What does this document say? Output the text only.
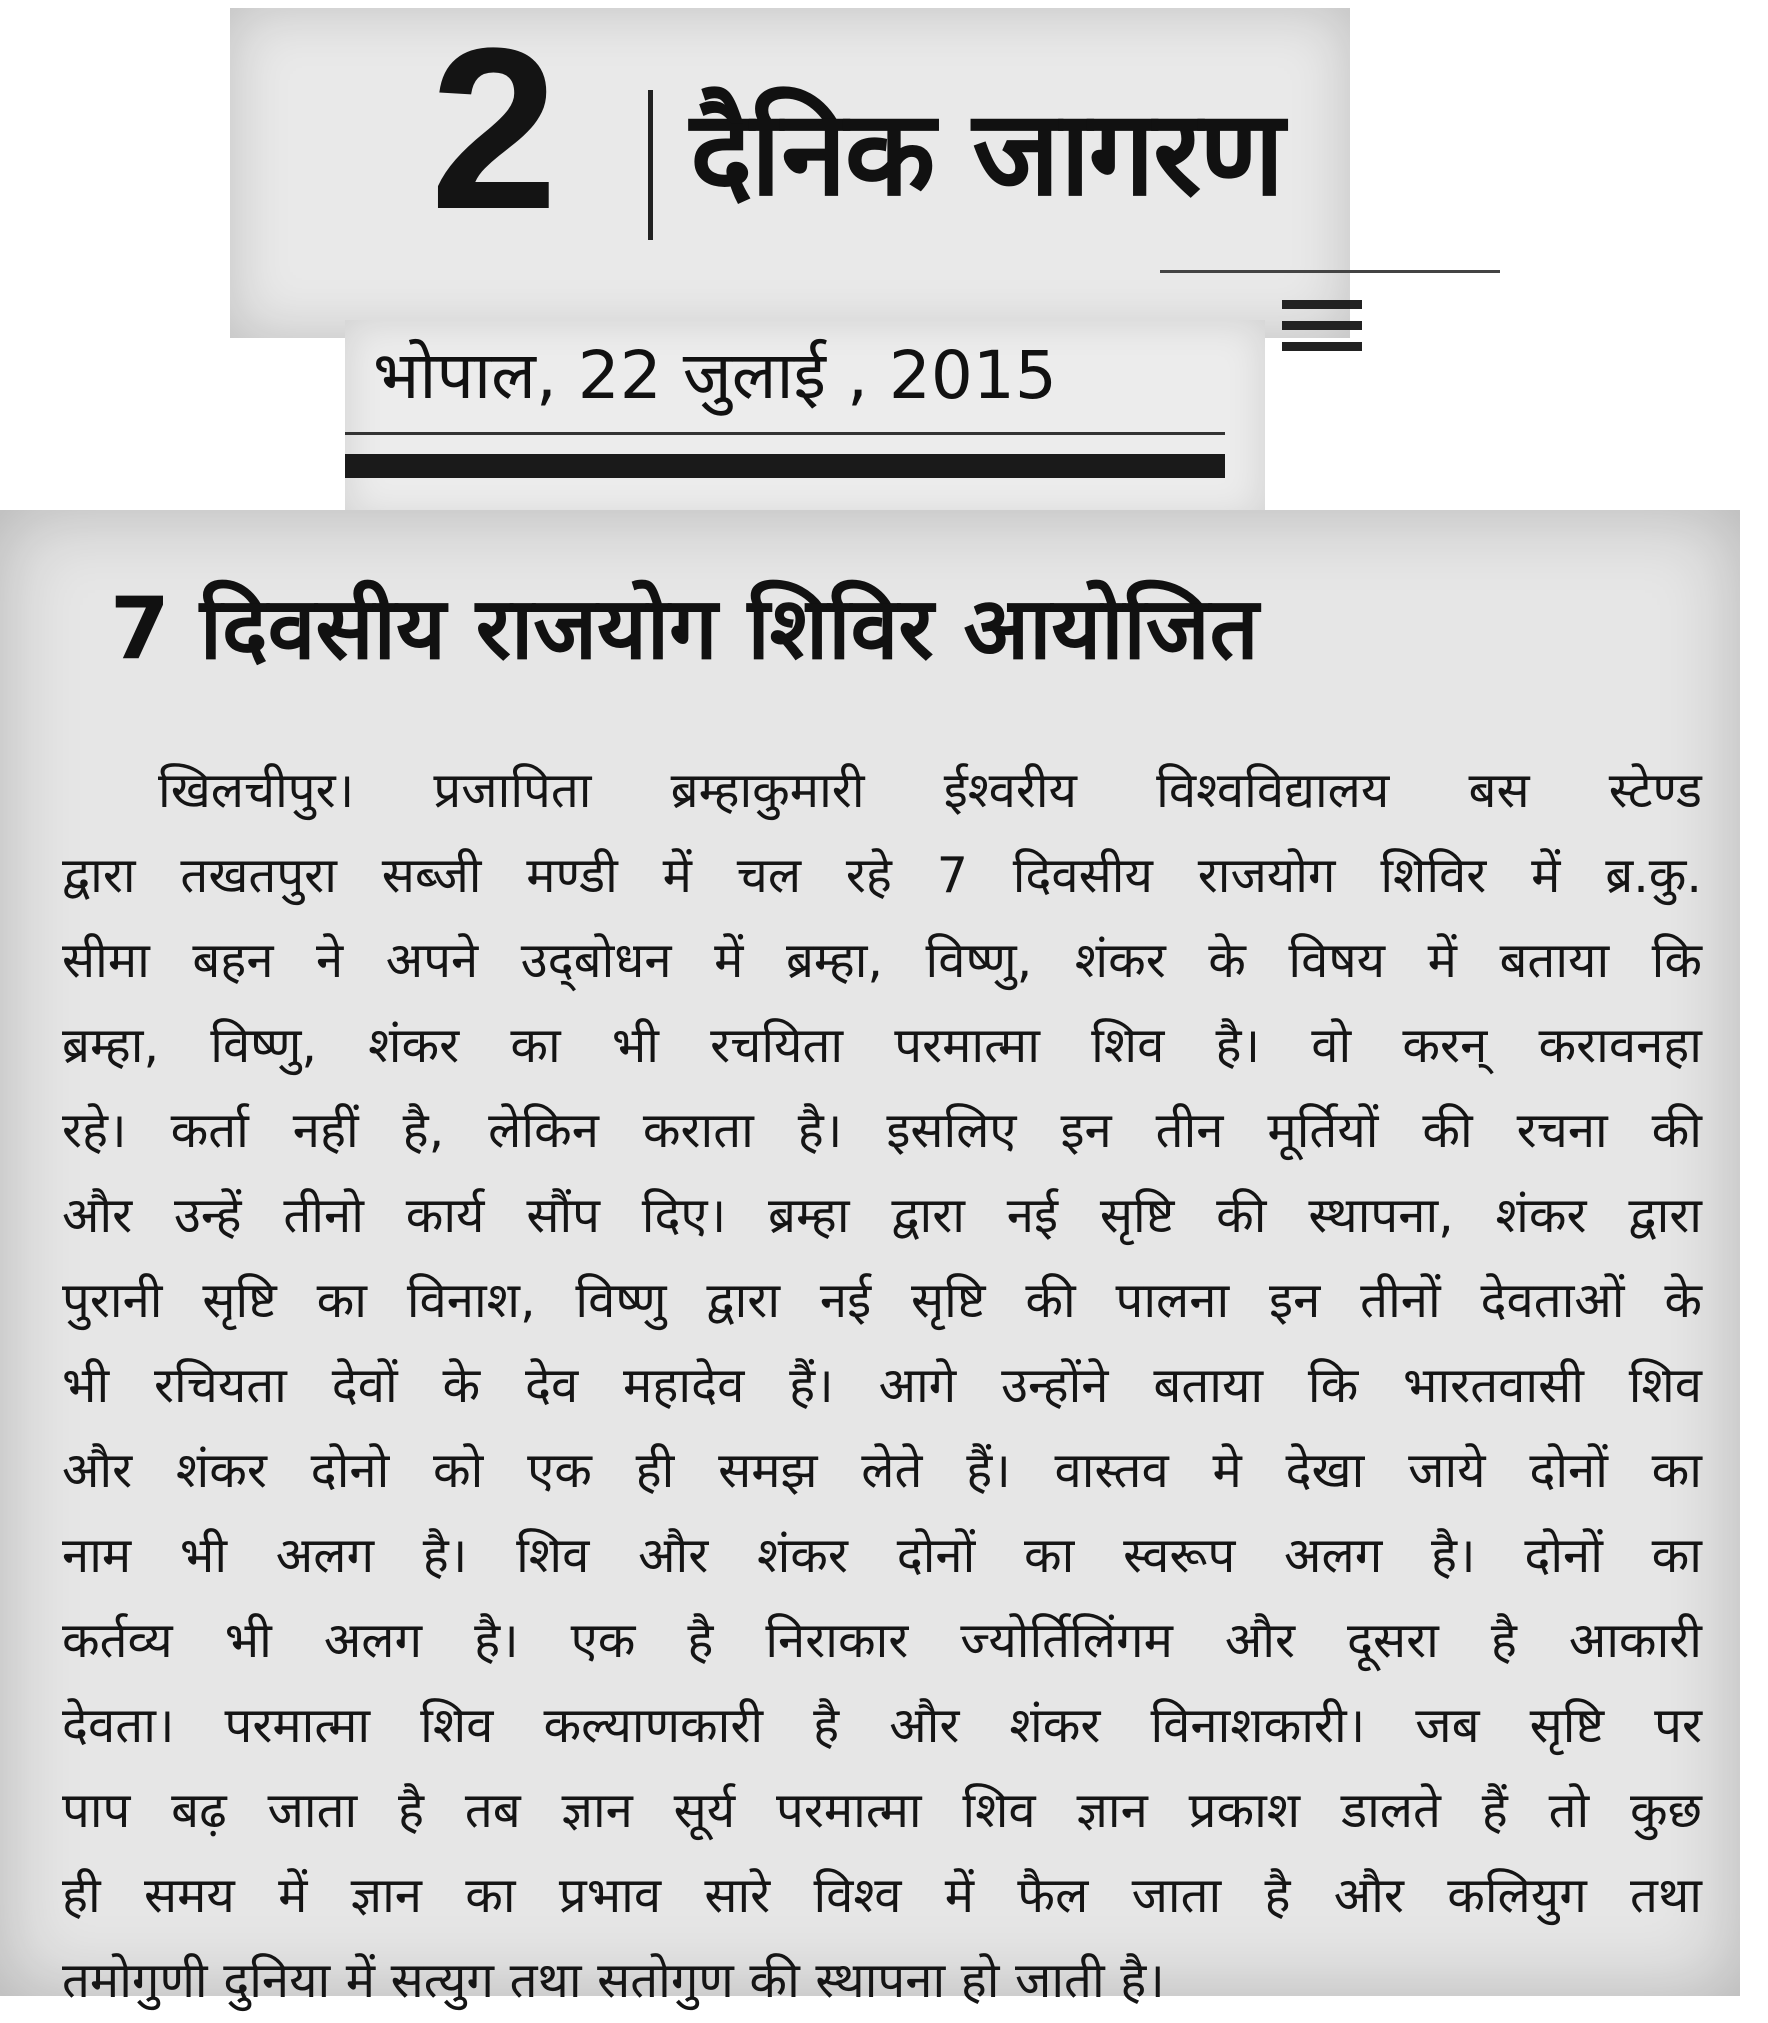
2 दैनिक जागरण
भोपाल, 22 जुलाई , 2015
7 दिवसीय राजयोग शिविर आयोजित
खिलचीपुर। प्रजापिता ब्रम्हाकुमारी ईश्वरीय विश्वविद्यालय बस स्टेण्ड
द्वारा तखतपुरा सब्जी मण्डी में चल रहे 7 दिवसीय राजयोग शिविर में ब्र.कु.
सीमा बहन ने अपने उद्‌बोधन में ब्रम्हा, विष्णु, शंकर के विषय में बताया कि
ब्रम्हा, विष्णु, शंकर का भी रचयिता परमात्मा शिव है। वो करन् करावनहा
रहे। कर्ता नहीं है, लेकिन कराता है। इसलिए इन तीन मूर्तियों की रचना की
और उन्हें तीनो कार्य सौंप दिए। ब्रम्हा द्वारा नई सृष्टि की स्थापना, शंकर द्वारा
पुरानी सृष्टि का विनाश, विष्णु द्वारा नई सृष्टि की पालना इन तीनों देवताओं के
भी रचियता देवों के देव महादेव हैं। आगे उन्होंने बताया कि भारतवासी शिव
और शंकर दोनो को एक ही समझ लेते हैं। वास्तव मे देखा जाये दोनों का
नाम भी अलग है। शिव और शंकर दोनों का स्वरूप अलग है। दोनों का
कर्तव्य भी अलग है। एक है निराकार ज्योर्तिलिंगम और दूसरा है आकारी
देवता। परमात्मा शिव कल्याणकारी है और शंकर विनाशकारी। जब सृष्टि पर
पाप बढ़ जाता है तब ज्ञान सूर्य परमात्मा शिव ज्ञान प्रकाश डालते हैं तो कुछ
ही समय में ज्ञान का प्रभाव सारे विश्व में फैल जाता है और कलियुग तथा
तमोगुणी दुनिया में सत्युग तथा सतोगुण की स्थापना हो जाती है।
